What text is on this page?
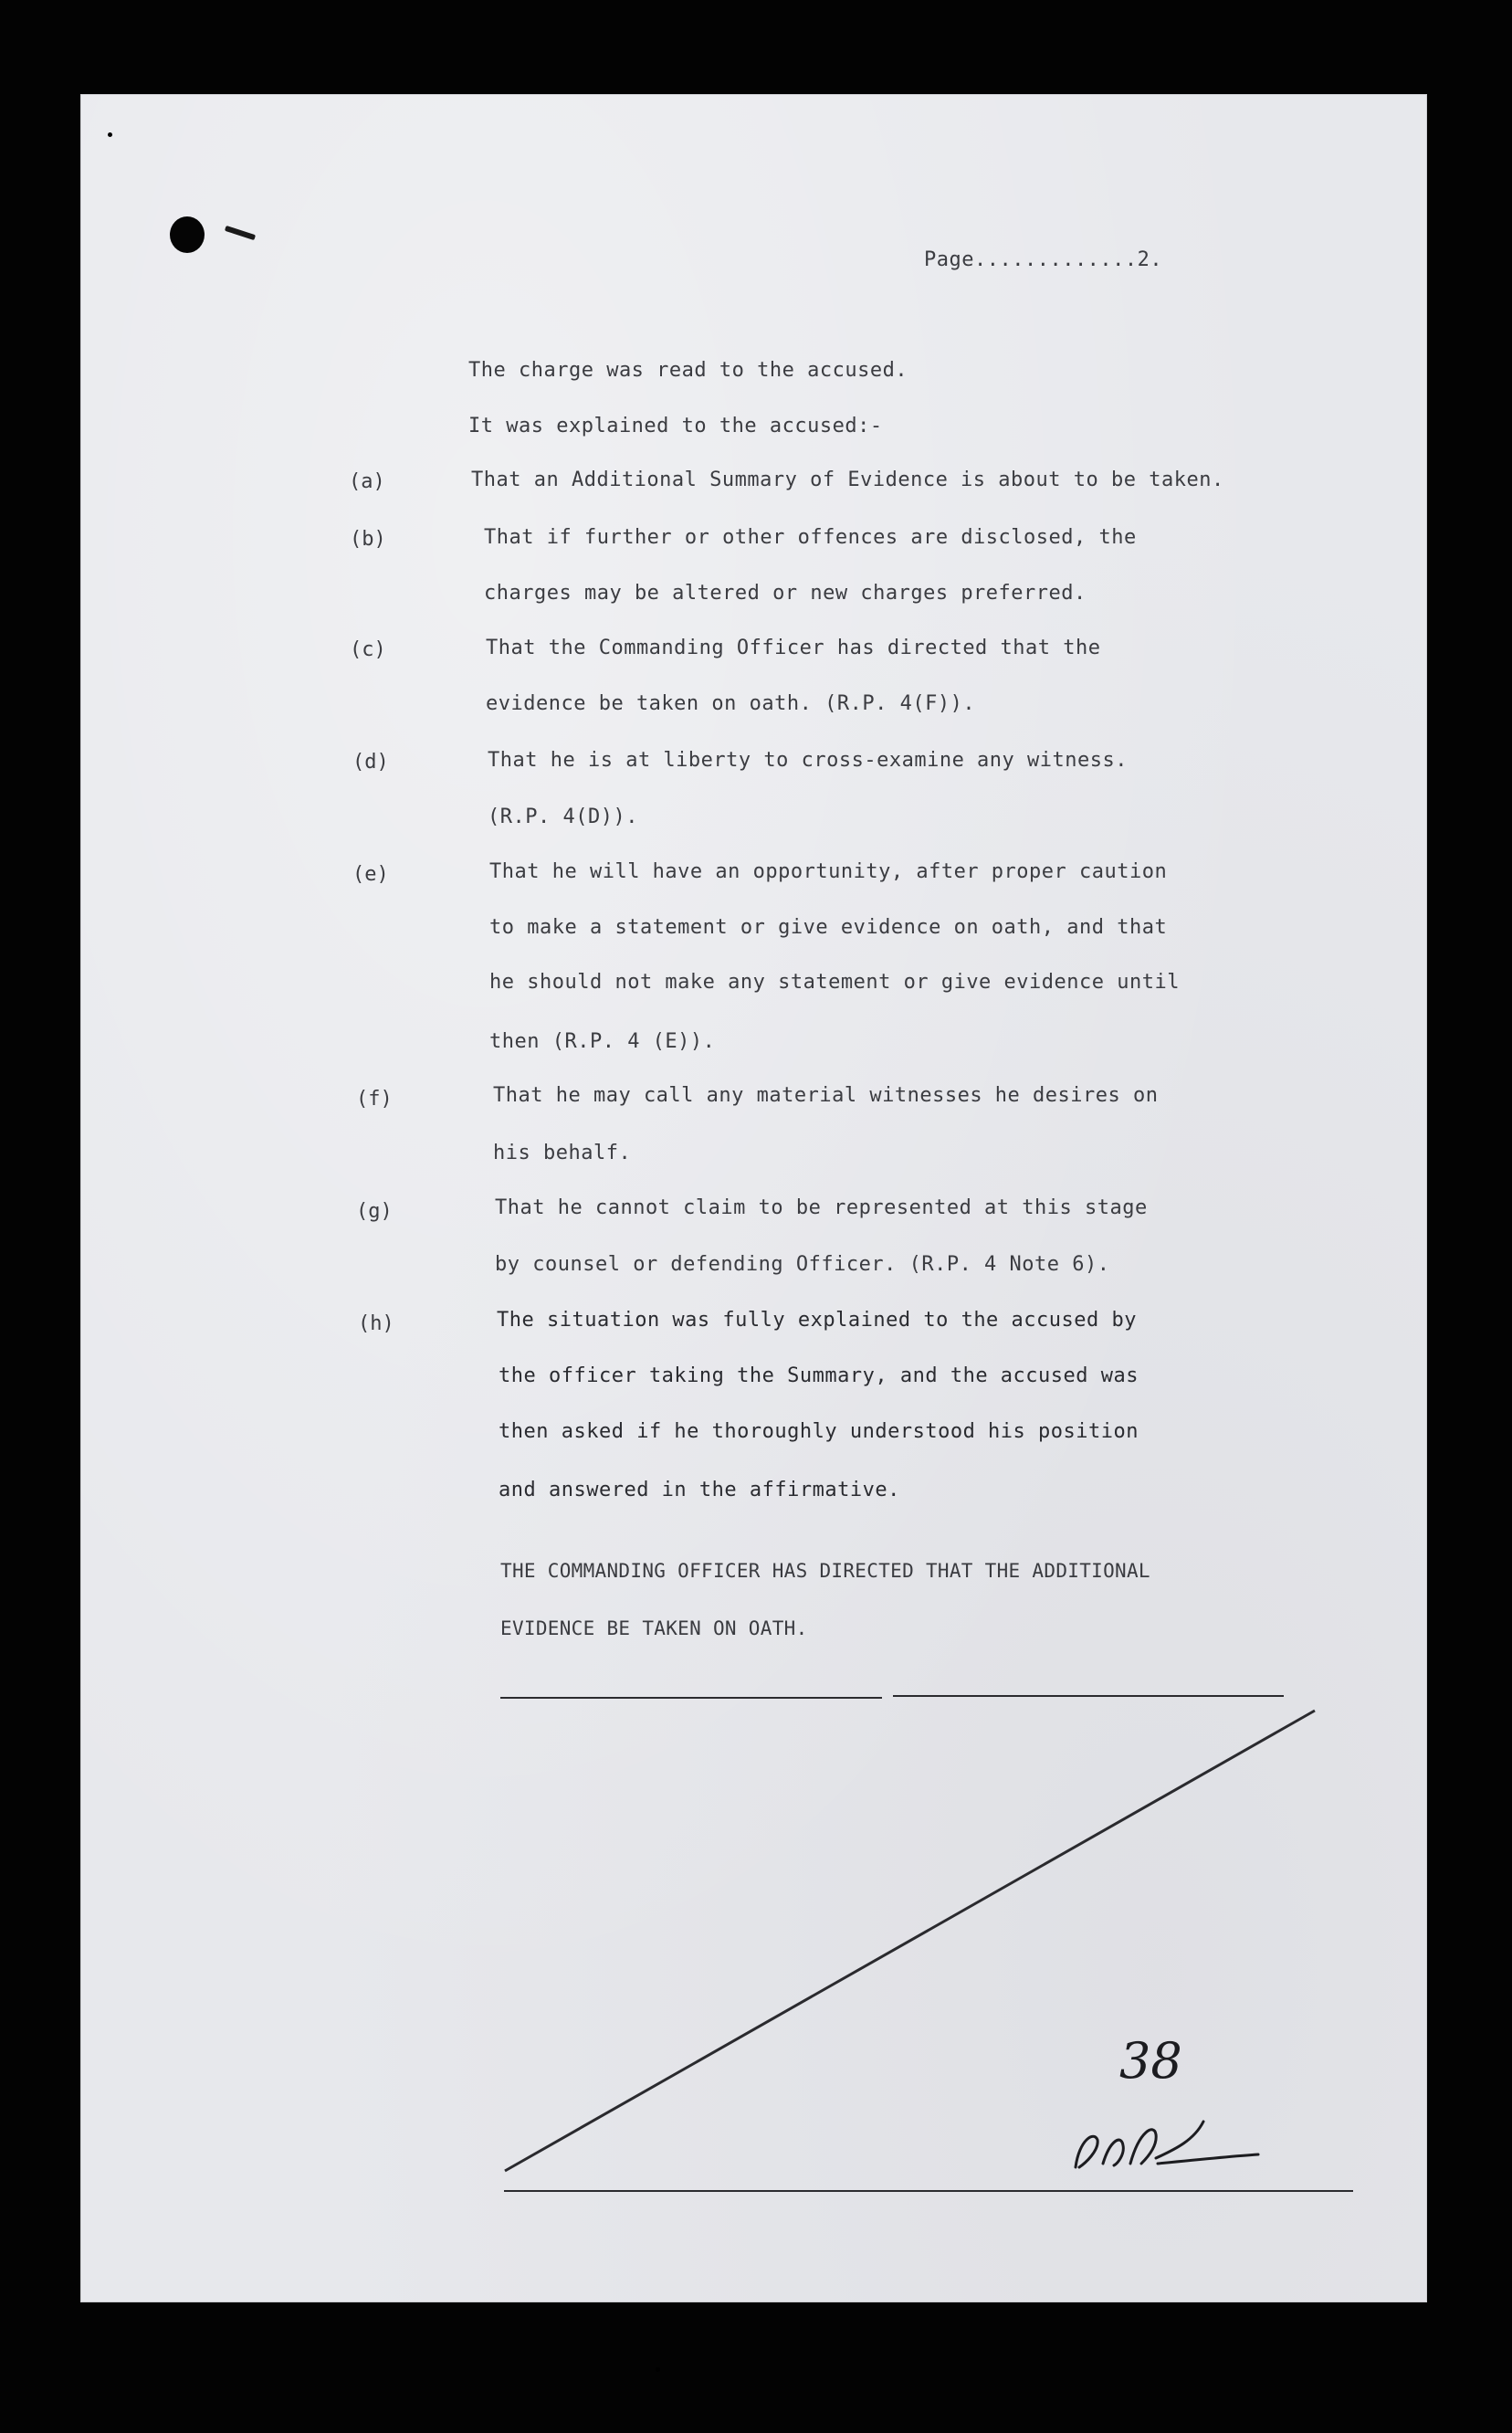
Page.............2.
The charge was read to the accused.
It was explained to the accused:-
(a)	That an Additional Summary of Evidence is about to be taken.
(b)	That if further or other offences are disclosed, the
charges may be altered or new charges preferred.
(c)	That the Commanding Officer has directed that the
evidence be taken on oath. (R.P. 4(F)).
(d)	That he is at liberty to cross-examine any witness.
(R.P. 4(D)).
(e)	That he will have an opportunity, after proper caution
to make a statement or give evidence on oath, and that
he should not make any statement or give evidence until
then (R.P. 4 (E)).
(f)	That he may call any material witnesses he desires on
his behalf.
(g)	That he cannot claim to be represented at this stage
by counsel or defending Officer. (R.P. 4 Note 6).
(h)	The situation was fully explained to the accused by
the officer taking the Summary, and the accused was
then asked if he thoroughly understood his position
and answered in the affirmative.
THE COMMANDING OFFICER HAS DIRECTED THAT THE ADDITIONAL
EVIDENCE BE TAKEN ON OATH.
38
